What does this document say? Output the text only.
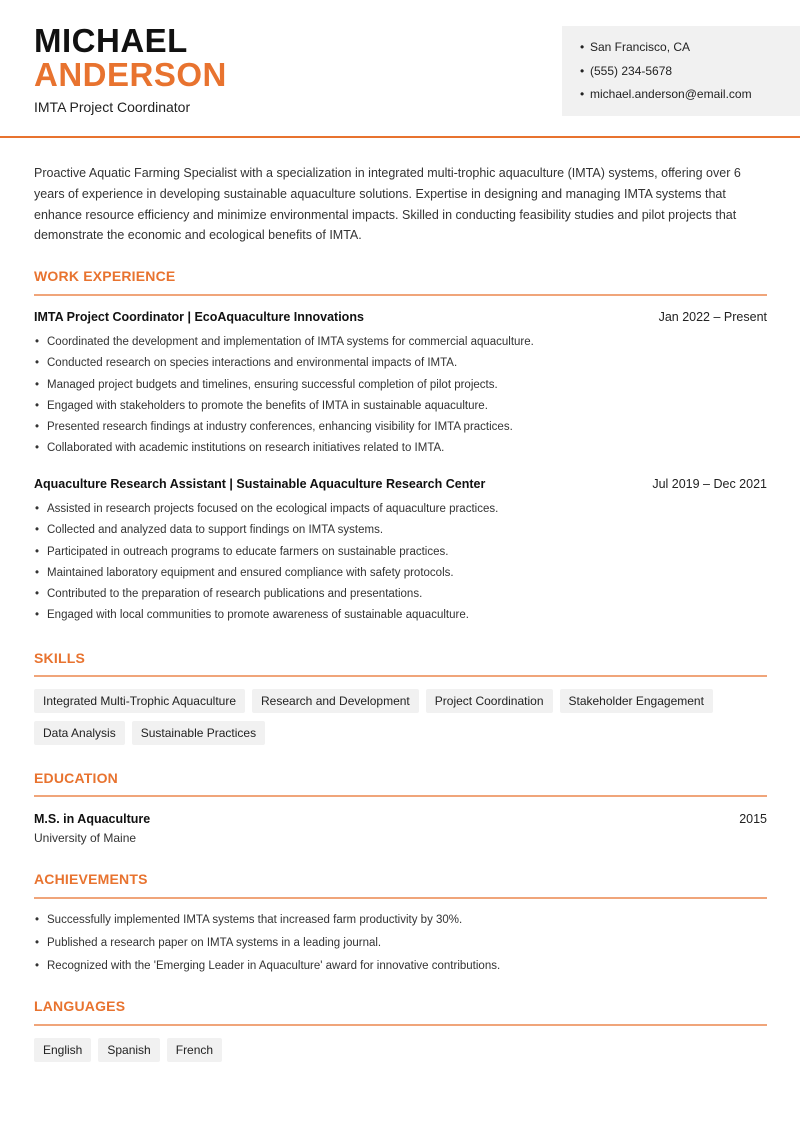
MICHAEL
ANDERSON
IMTA Project Coordinator
• San Francisco, CA
• (555) 234-5678
• michael.anderson@email.com

Proactive Aquatic Farming Specialist with a specialization in integrated multi-trophic aquaculture (IMTA) systems, offering over 6 years of experience in developing sustainable aquaculture solutions. Expertise in designing and managing IMTA systems that enhance resource efficiency and minimize environmental impacts. Skilled in conducting feasibility studies and pilot projects that demonstrate the economic and ecological benefits of IMTA.

WORK EXPERIENCE
IMTA Project Coordinator | EcoAquaculture Innovations	Jan 2022 – Present
• Coordinated the development and implementation of IMTA systems for commercial aquaculture.
• Conducted research on species interactions and environmental impacts of IMTA.
• Managed project budgets and timelines, ensuring successful completion of pilot projects.
• Engaged with stakeholders to promote the benefits of IMTA in sustainable aquaculture.
• Presented research findings at industry conferences, enhancing visibility for IMTA practices.
• Collaborated with academic institutions on research initiatives related to IMTA.
Aquaculture Research Assistant | Sustainable Aquaculture Research Center	Jul 2019 – Dec 2021
• Assisted in research projects focused on the ecological impacts of aquaculture practices.
• Collected and analyzed data to support findings on IMTA systems.
• Participated in outreach programs to educate farmers on sustainable practices.
• Maintained laboratory equipment and ensured compliance with safety protocols.
• Contributed to the preparation of research publications and presentations.
• Engaged with local communities to promote awareness of sustainable aquaculture.
SKILLS
Integrated Multi-Trophic Aquaculture	Research and Development	Project Coordination	Stakeholder Engagement
Data Analysis	Sustainable Practices
EDUCATION
M.S. in Aquaculture	2015
University of Maine
ACHIEVEMENTS
• Successfully implemented IMTA systems that increased farm productivity by 30%.
• Published a research paper on IMTA systems in a leading journal.
• Recognized with the 'Emerging Leader in Aquaculture' award for innovative contributions.
LANGUAGES
English	Spanish	French
